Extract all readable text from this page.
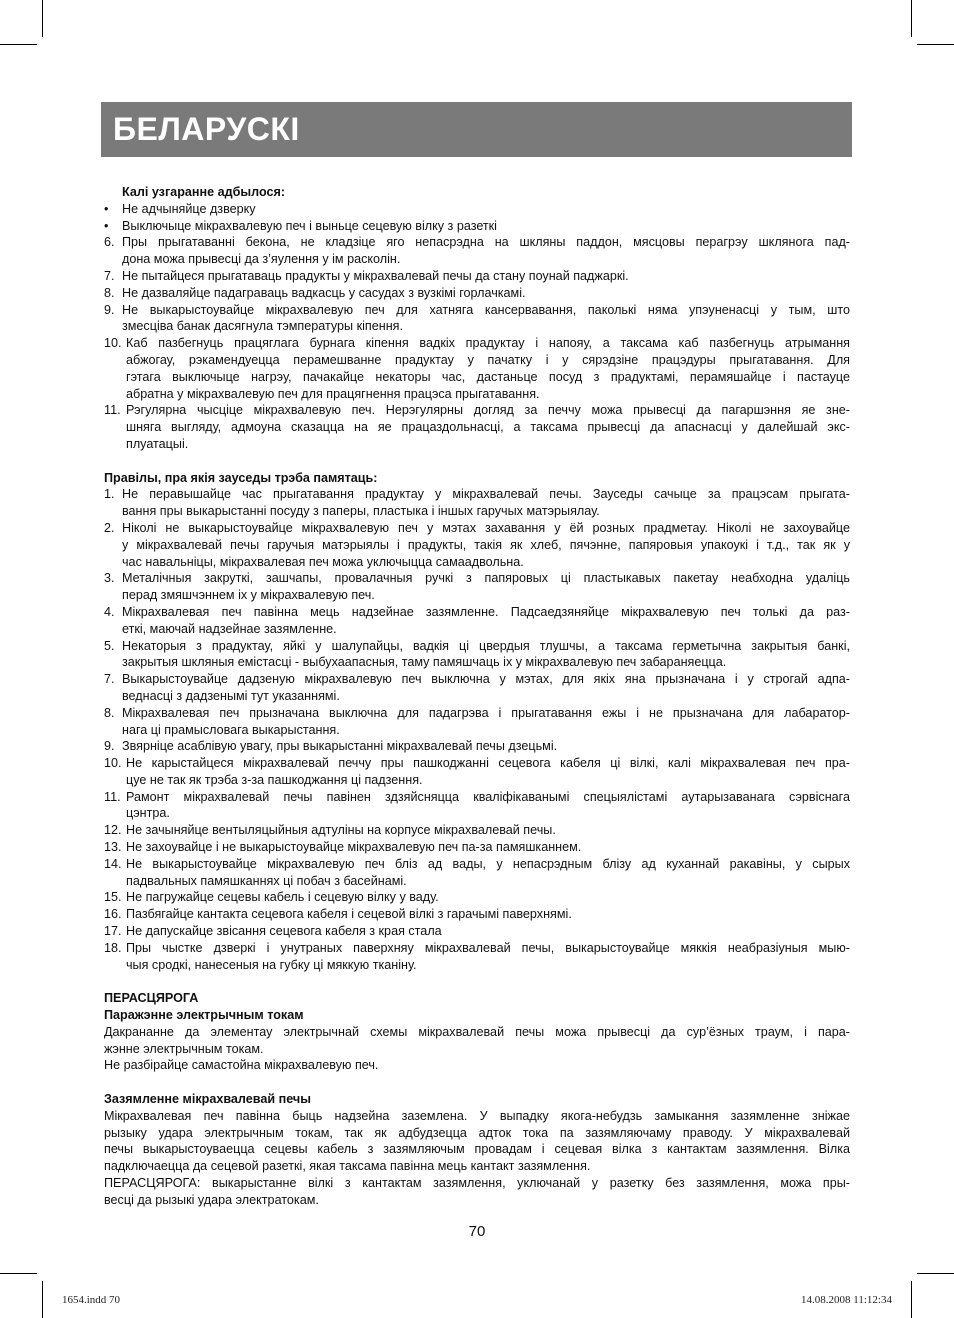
БЕЛАРУСКІ
Калі узгаранне адбылося:
•	Не адчыняйце дзверку
•	Выключыце мікрахвалевую печ і выньце сецевую вілку з разеткі
6. Пры прыгатаванні бекона, не кладзіце яго непасрэдна на шкляны паддон, мясцовы перагрэу шклянога пад-
дона можа прывесці да з’яулення у ім расколін.
7. Не пытайцеся прыгатаваць прадукты у мікрахвалевай печы да стану поунай паджаркі.
8. Не дазваляйце падаграваць вадкасць у сасудах з вузкімі горлачкамі.
9. Не выкарыстоувайце мікрахвалевую печ для хатняга кансервавання, паколькі няма упэуненасці у тым, што
змесціва банак дасягнула тэмпературы кіпення.
10. Каб пазбегнуць працяглага бурнага кіпення вадкіх прадуктау і напояу, а таксама каб пазбегнуць атрымання
абжогау, рэкамендуецца перамешванне прадуктау у пачатку і у сярэдзіне працэдуры прыгатавання. Для
гэтага выключыце нагрэу, пачакайце некаторы час, дастаньце посуд з прадуктамі, перамяшайце і пастауце
абратна у мікрахвалевую печ для працягнення працэса прыгатавання.
11. Рэгулярна чысціце мікрахвалевую печ. Нерэгулярны догляд за печчу можа прывесці да пагаршэння яе зне-
шняга выгляду, адмоуна сказацца на яе працаздольнасці, а таксама прывесці да апаснасці у далейшай экс-
плуатацыі.
Правілы, пра якія зауседы трэба памятаць:
1. Не перавышайце час прыгатавання прадуктау у мікрахвалевай печы. Зауседы сачыце за працэсам прыгата-
вання пры выкарыстанні посуду з паперы, пластыка і іншых гаручых матэрыялау.
2. Ніколі не выкарыстоувайце мікрахвалевую печ у мэтах захавання у ёй розных прадметау. Ніколі не захоувайце
у мікрахвалевай печы гаручыя матэрыялы і прадукты, такія як хлеб, пячэнне, папяровыя упакоукі і т.д., так як у
час навальніцы, мікрахвалевая печ можа уключыцца самаадвольна.
3. Металічныя закруткі, зашчапы, провалачныя ручкі з папяровых ці пластыкавых пакетау неабходна удаліць
перад змяшчэннем іх у мікрахвалевую печ.
4. Мікрахвалевая печ павінна мець надзейнае зазямленне. Падсаедзяняйце мікрахвалевую печ толькі да раз-
еткі, маючай надзейнае зазямленне.
5. Некаторыя з прадуктау, яйкі у шалупайцы, вадкія ці цвердыя тлушчы, а таксама герметычна закрытыя банкі,
закрытыя шкляныя емістасці - выбухаапасныя, таму памяшчаць іх у мікрахвалевую печ забараняецца.
7. Выкарыстоувайце дадзеную мікрахвалевую печ выключна у мэтах, для якіх яна прызначана і у строгай адпа-
веднасці з дадзенымі тут указаннямі.
8. Мікрахвалевая печ прызначана выключна для падагрэва і прыгатавання ежы і не прызначана для лабаратор-
нага ці прамысловага выкарыстання.
9. Звярніце асаблівую увагу, пры выкарыстанні мікрахвалевай печы дзецьмі.
10. Не карыстайцеся мікрахвалевай печчу пры пашкоджанні сецевога кабеля ці вілкі, калі мікрахвалевая печ пра-
цуе не так як трэба з-за пашкоджання ці падзення.
11. Рамонт мікрахвалевай печы павінен здзяйсняцца кваліфікаванымі спецыялістамі аутарызаванага сэрвіснага
цэнтра.
12. Не зачыняйце вентыляцыйныя адтуліны на корпусе мікрахвалевай печы.
13. Не захоувайце і не выкарыстоувайце мікрахвалевую печ па-за памяшканнем.
14. Не выкарыстоувайце мікрахвалевую печ бліз ад вады, у непасрэдным блізу ад куханнай ракавіны, у сырых
падвальных памяшканнях ці побач з басейнамі.
15. Не пагружайце сецевы кабель і сецевую вілку у ваду.
16. Пазбягайце кантакта сецевога кабеля і сецевой вілкі з гарачымі паверхнямі.
17. Не дапускайце звісання сецевога кабеля з края стала
18. Пры чыстке дзверкі і унутраных паверхняу мікрахвалевай печы, выкарыстоувайце мяккія неабразіуныя мыю-
чыя сродкі, нанесеныя на губку ці мяккую тканіну.
ПЕРАСЦЯРОГА
Паражэнне электрычным токам
Дакрананне да элементау электрычнай схемы мікрахвалевай печы можа прывесці да сур’ёзных траум, і пара-
жэнне электрычным токам.
Не разбірайце самастойна мікрахвалевую печ.
Зазямленне мікрахвалевай печы
Мікрахвалевая печ павінна быць надзейна заземлена. У выпадку якога-небудзь замыкання зазямленне зніжае
рызыку удара электрычным токам, так як адбудзецца адток тока па зазямляючаму праводу. У мікрахвалевай
печы выкарыстоуваецца сецевы кабель з зазямляючым провадам і сецевая вілка з кантактам зазямлення. Вілка
падключаецца да сецевой разеткі, якая таксама павінна мець кантакт зазямлення.
ПЕРАСЦЯРОГА: выкарыстанне вілкі з кантактам зазямлення, уключанай у разетку без зазямлення, можа пры-
весці да рызыкі удара электратокам.
70
1654.indd 70	14.08.2008 11:12:34
